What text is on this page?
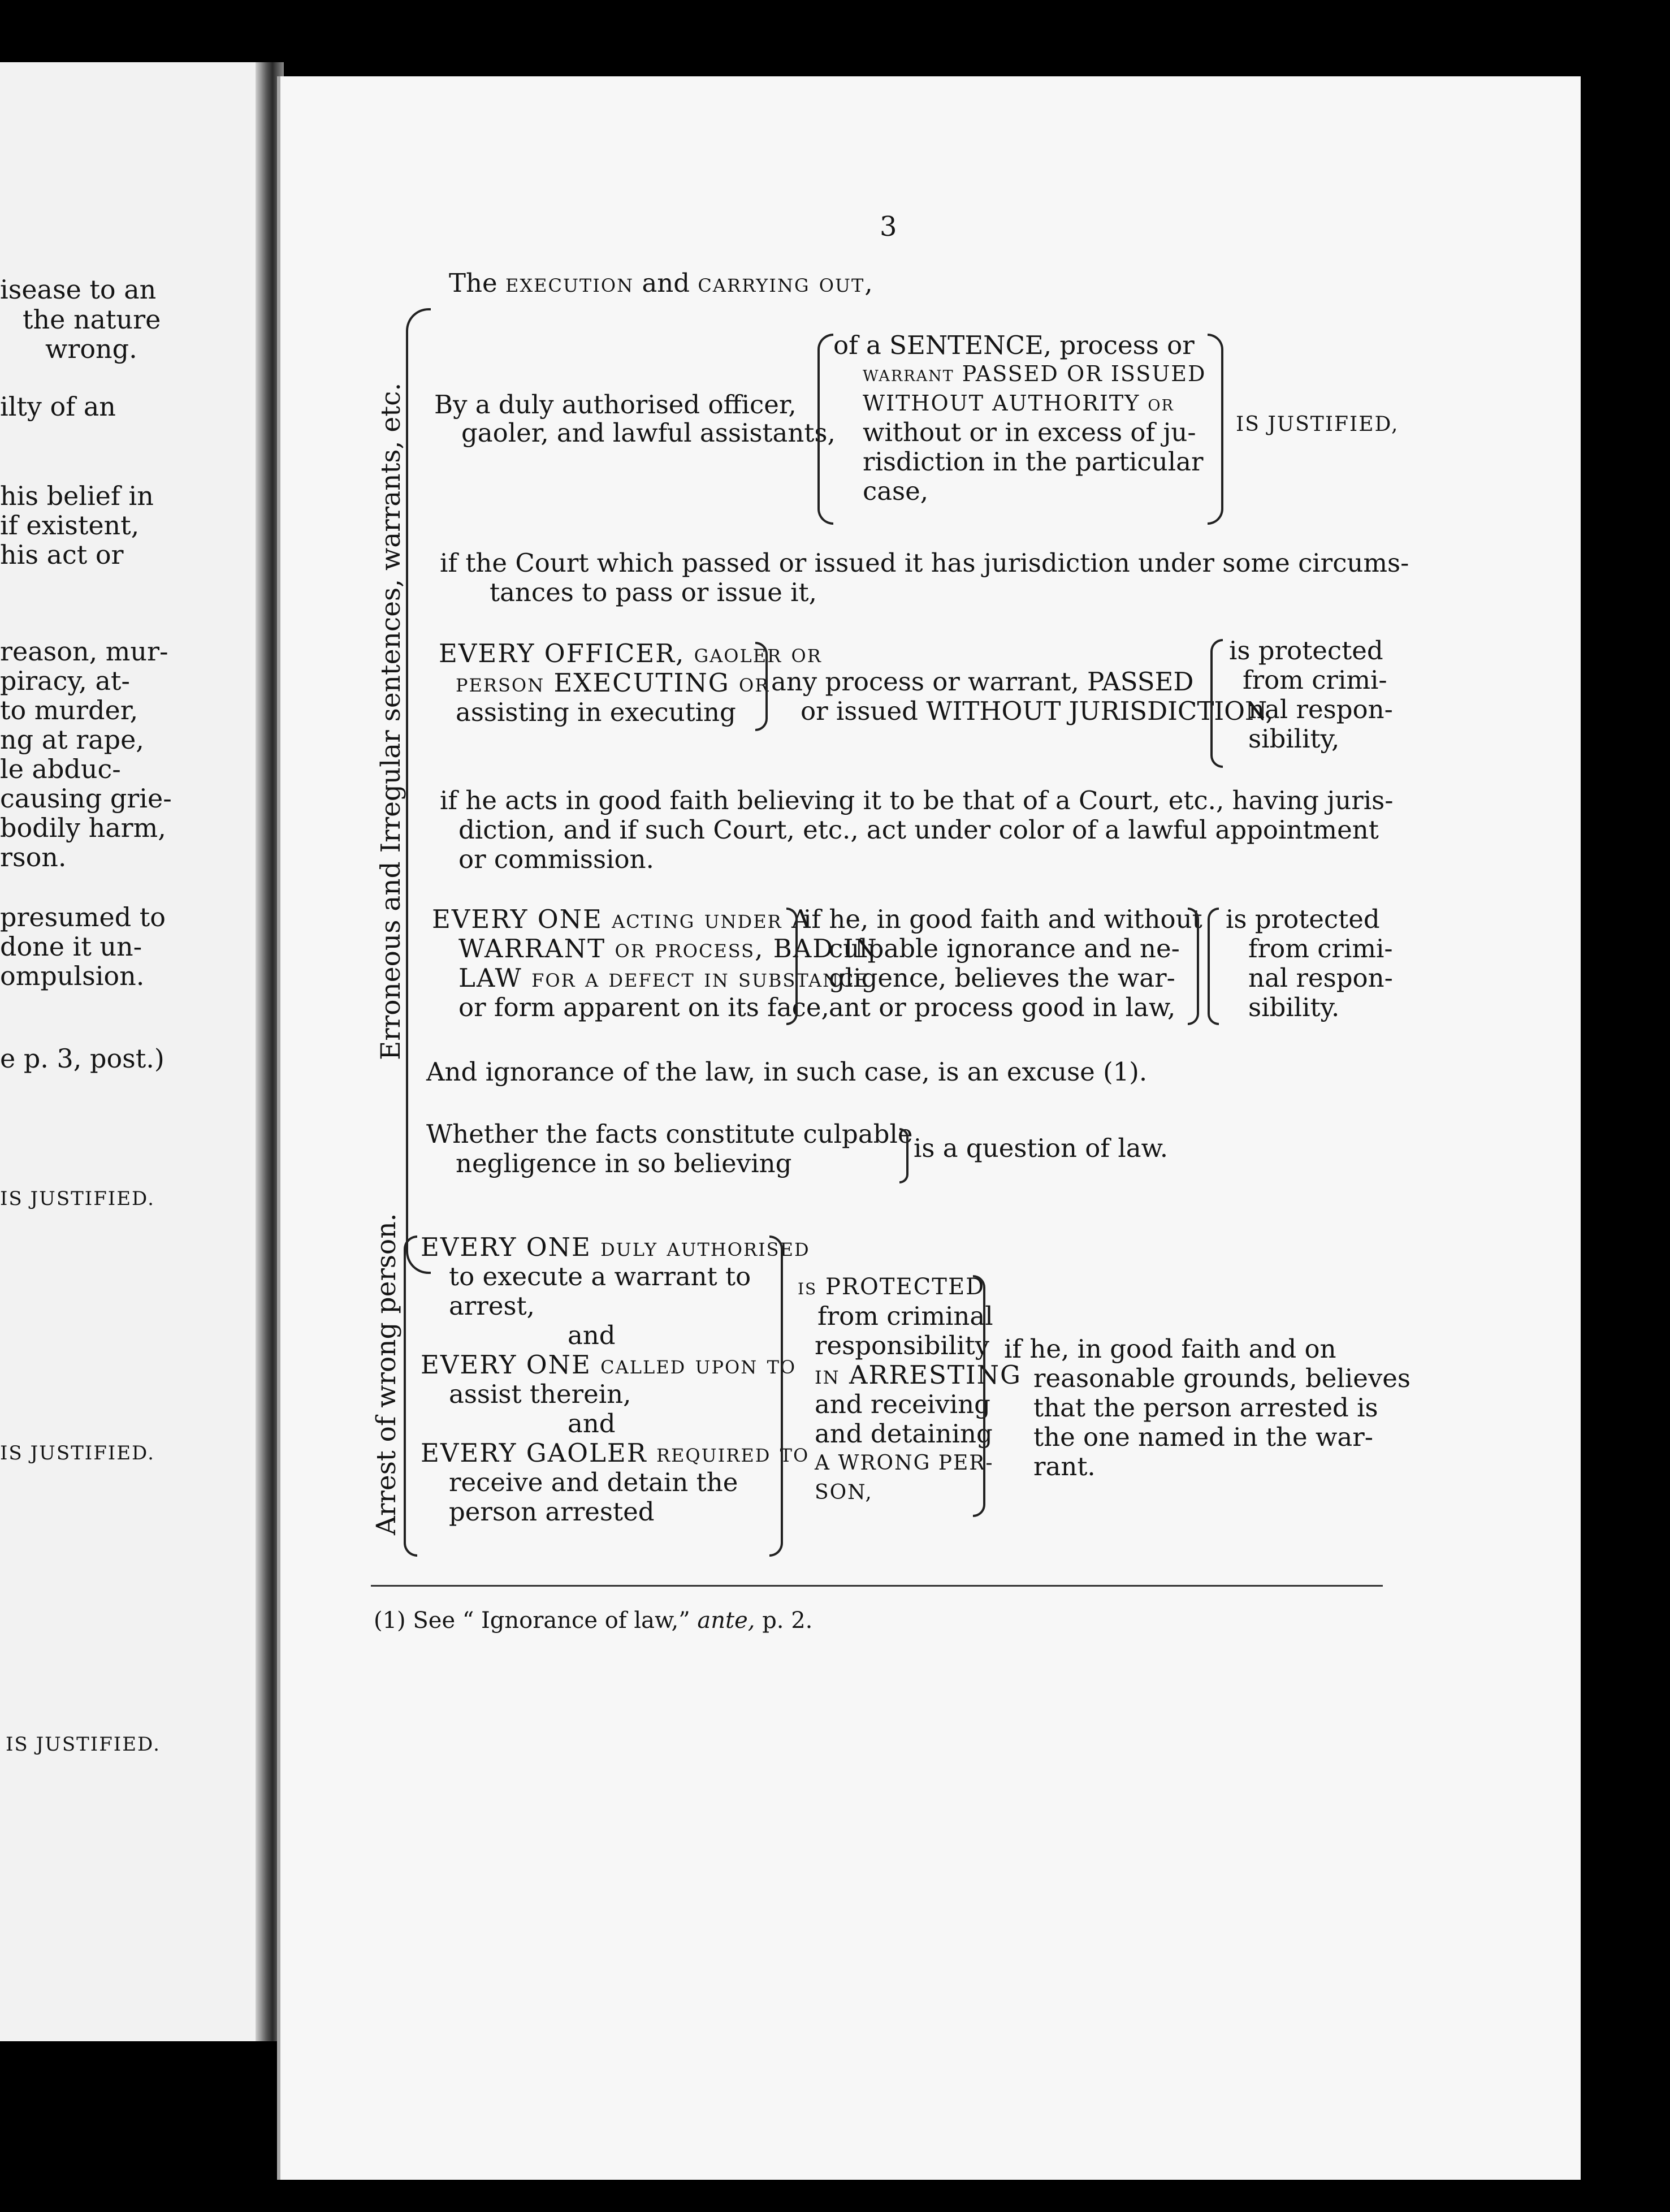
isease to an
the nature
wrong.
ilty of an
his belief in
if existent,
his act or
reason, mur-
piracy, at-
to murder,
ng at rape,
le abduc-
causing grie-
bodily harm,
rson.
presumed to
done it un-
ompulsion.
e p. 3, post.)
IS JUSTIFIED.
IS JUSTIFIED.
IS JUSTIFIED.
3
The execution and carrying out,
Erroneous and Irregular sentences, warrants, etc. By a duly authorised officer,
gaoler, and lawful assistants,
of a SENTENCE, process or
warrant PASSED OR ISSUED
WITHOUT AUTHORITY or
without or in excess of ju-
risdiction in the particular
case,
IS JUSTIFIED,
if the Court which passed or issued it has jurisdiction under some circums-
tances to pass or issue it,
EVERY OFFICER, gaoler or
person EXECUTING or
assisting in executing
any process or warrant, PASSED
or issued WITHOUT JURISDICTION,
is protected
from crimi-
nal respon-
sibility,
if he acts in good faith believing it to be that of a Court, etc., having juris-
diction, and if such Court, etc., act under color of a lawful appointment
or commission.
EVERY ONE acting under A
WARRANT or process, BAD IN
LAW for a defect in substance
or form apparent on its face,
if he, in good faith and without
culpable ignorance and ne-
gligence, believes the war-
ant or process good in law,
is protected
from crimi-
nal respon-
sibility.
And ignorance of the law, in such case, is an excuse (1).
Whether the facts constitute culpable
negligence in so believing
is a question of law.
Arrest of wrong person. EVERY ONE duly authorised
to execute a warrant to
arrest,
and
EVERY ONE called upon to
assist therein,
and
EVERY GAOLER required to
receive and detain the
person arrested
is PROTECTED
from criminal
responsibility
in ARRESTING
and receiving
and detaining
A WRONG PER-
SON,
if he, in good faith and on
reasonable grounds, believes
that the person arrested is
the one named in the war-
rant.
(1) See “ Ignorance of law,” ante, p. 2.
